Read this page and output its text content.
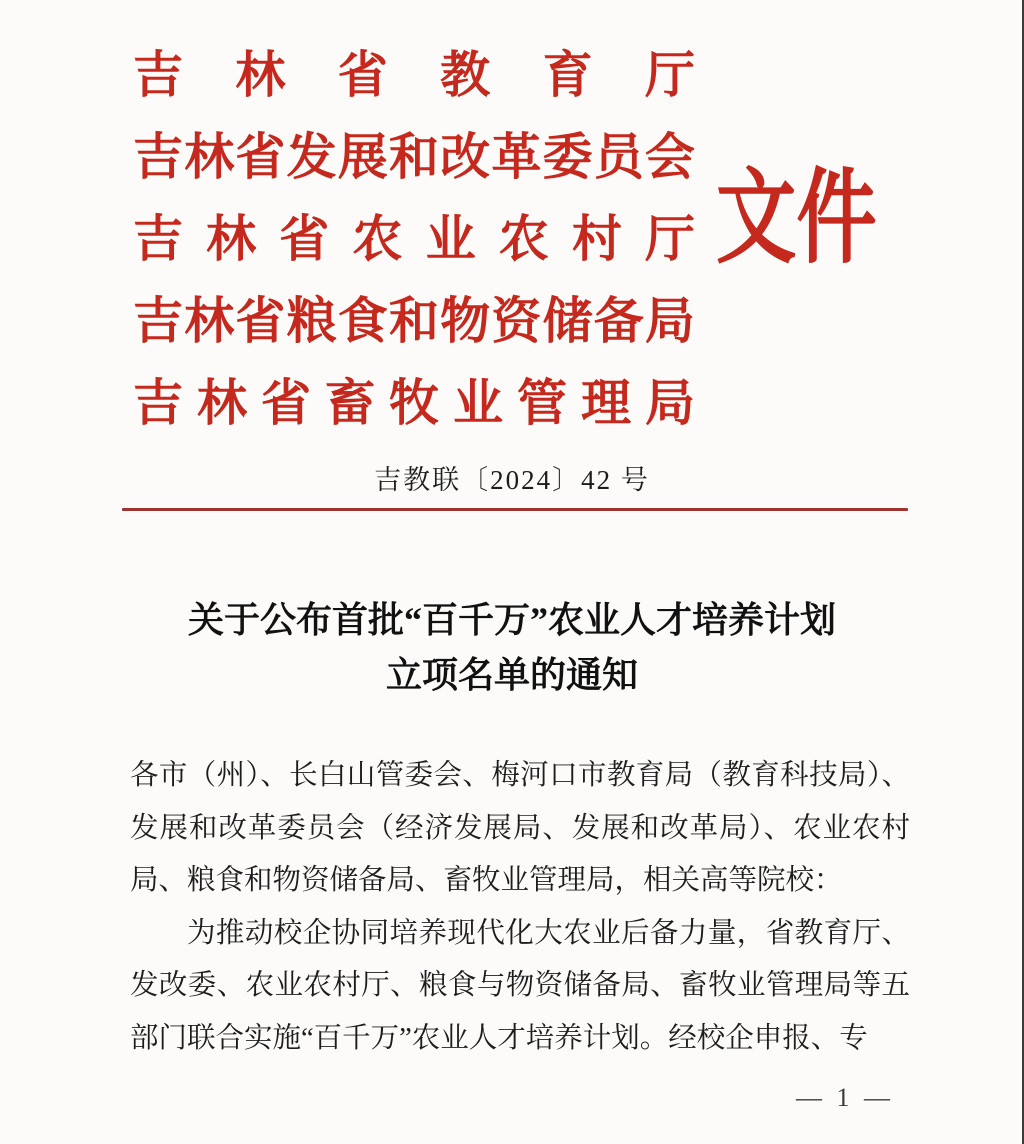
吉 林 省 教 育 厅
吉 林 省 发 展 和 改 革 委 员 会
吉 林 省 农 业 农 村 厅
吉 林 省 粮 食 和 物 资 储 备 局
吉 林 省 畜 牧 业 管 理 局
文件
吉教联〔2024〕42 号
关于公布首批“百千万”农业人才培养计划
立项名单的通知

各市（州）、长白山管委会、梅河口市教育局（教育科技局）、发展和改革委员会（经济发展局、发展和改革局）、农业农村局、粮食和物资储备局、畜牧业管理局，相关高等院校：

为推动校企协同培养现代化大农业后备力量，省教育厅、发改委、农业农村厅、粮食与物资储备局、畜牧业管理局等五部门联合实施“百千万”农业人才培养计划。经校企申报、专

— 1 —
